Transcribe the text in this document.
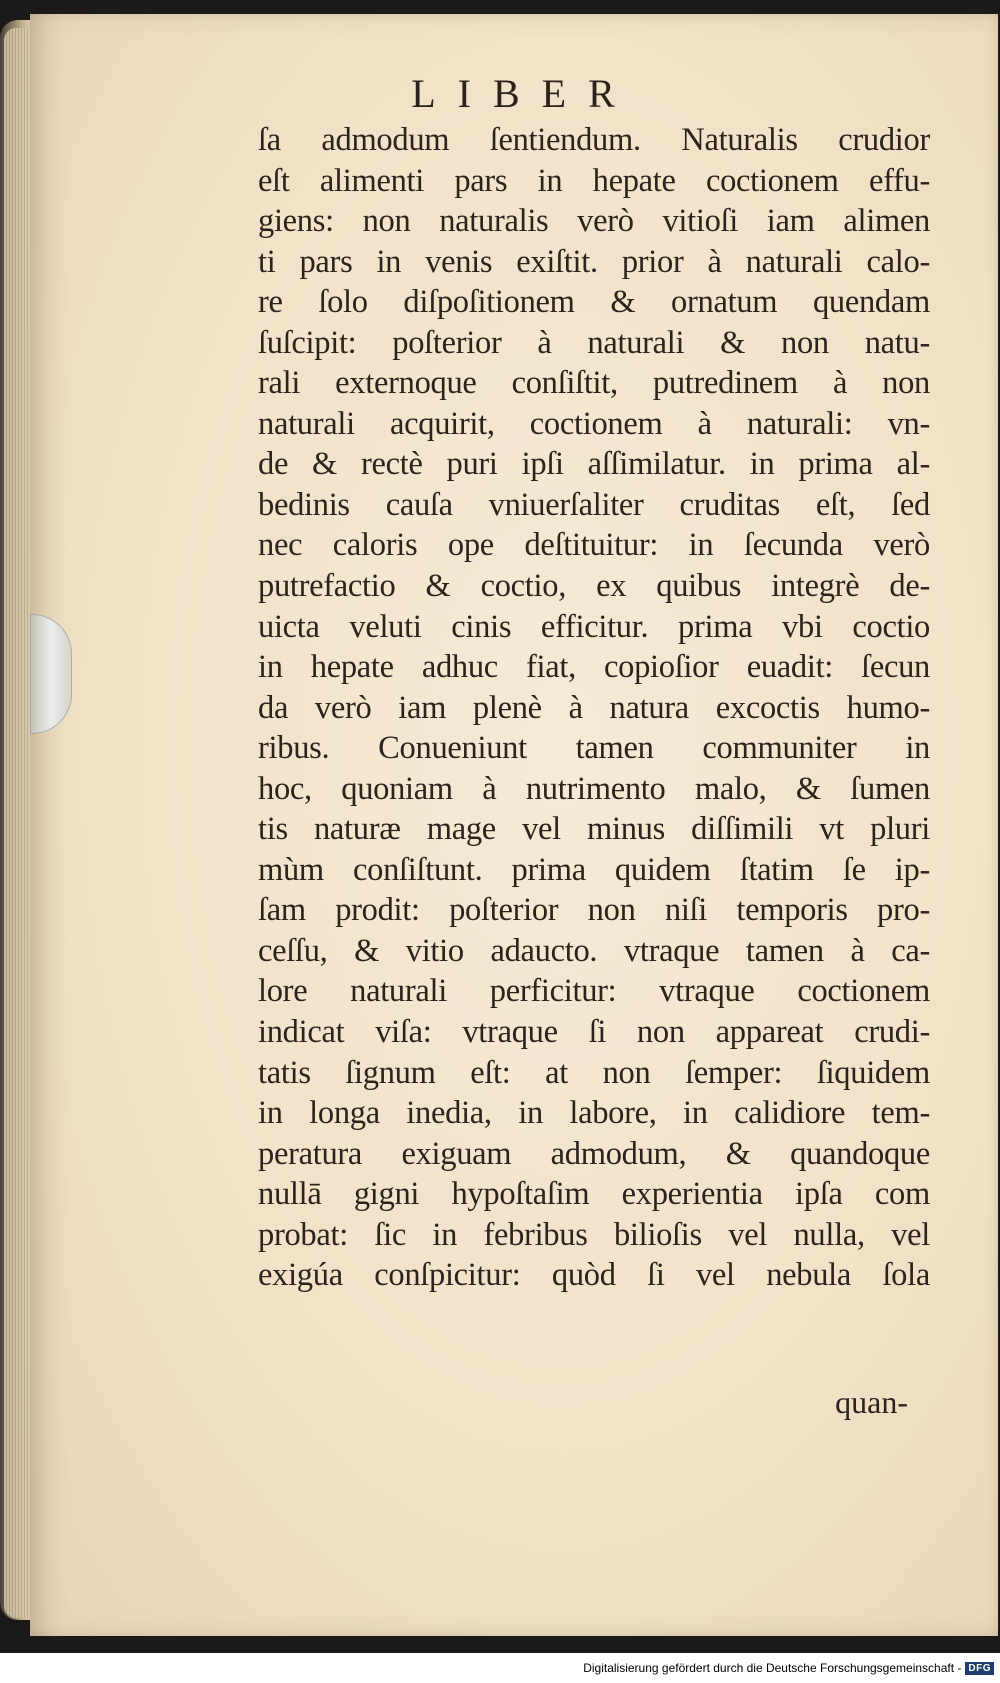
LIBER
ſa admodum ſentiendum. Naturalis crudior
eſt alimenti pars in hepate coctionem effu-
giens: non naturalis verò vitioſi iam alimen
ti pars in venis exiſtit. prior à naturali calo-
re ſolo diſpoſitionem & ornatum quendam
ſuſcipit: poſterior à naturali & non natu-
rali externoque conſiſtit, putredinem à non
naturali acquirit, coctionem à naturali: vn-
de & rectè puri ipſi aſſimilatur. in prima al-
bedinis cauſa vniuerſaliter cruditas eſt, ſed
nec caloris ope deſtituitur: in ſecunda verò
putrefactio & coctio, ex quibus integrè de-
uicta veluti cinis efficitur. prima vbi coctio
in hepate adhuc fiat, copioſior euadit: ſecun
da verò iam plenè à natura excoctis humo-
ribus. Conueniunt tamen communiter in
hoc, quoniam à nutrimento malo, & ſumen
tis naturæ mage vel minus diſſimili vt pluri
mùm conſiſtunt. prima quidem ſtatim ſe ip-
ſam prodit: poſterior non niſi temporis pro-
ceſſu, & vitio adaucto. vtraque tamen à ca-
lore naturali perficitur: vtraque coctionem
indicat viſa: vtraque ſi non appareat crudi-
tatis ſignum eſt: at non ſemper: ſiquidem
in longa inedia, in labore, in calidiore tem-
peratura exiguam admodum, & quandoque
nullā gigni hypoſtaſim experientia ipſa com
probat: ſic in febribus bilioſis vel nulla, vel
exigúa conſpicitur: quòd ſi vel nebula ſola
quan-
Digitalisierung gefördert durch die Deutsche Forschungsgemeinschaft - DFG
